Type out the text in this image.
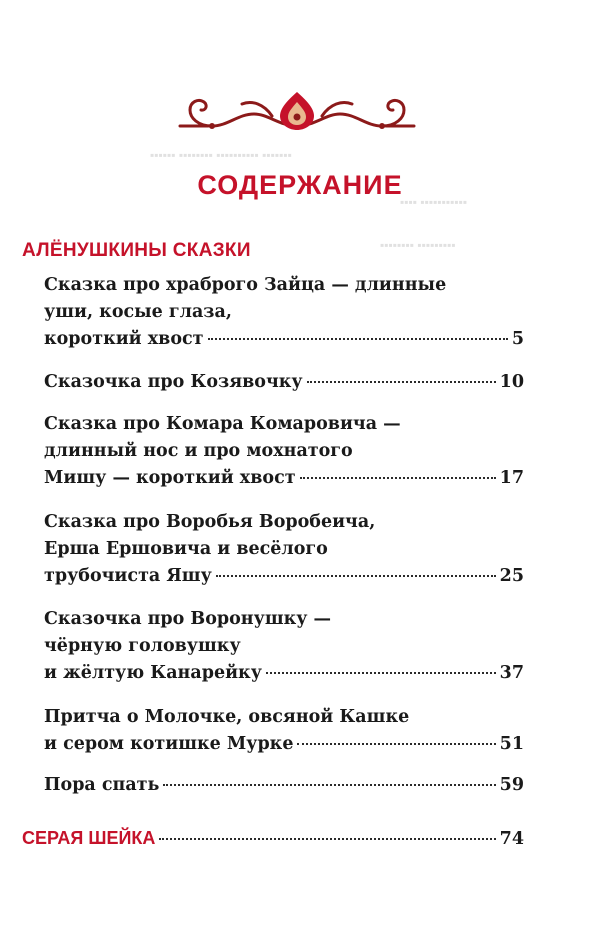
▪▪▪▪▪▪ ▪▪▪▪▪▪▪▪ ▪▪▪▪▪▪▪▪▪▪ ▪▪▪▪▪▪▪
▪▪▪▪ ▪▪▪▪▪▪▪▪▪▪▪
▪▪▪▪▪▪▪▪ ▪▪▪▪▪▪▪▪▪
СОДЕРЖАНИЕ
АЛЁНУШКИНЫ СКАЗКИ
Сказка про храброго Зайца — длинные
уши, косые глаза,
короткий хвост	5
Сказочка про Козявочку	10
Сказка про Комара Комаровича —
длинный нос и про мохнатого
Мишу — короткий хвост	17
Сказка про Воробья Воробеича,
Ерша Ершовича и весёлого
трубочиста Яшу	25
Сказочка про Воронушку —
чёрную головушку
и жёлтую Канарейку	37
Притча о Молочке, овсяной Кашке
и сером котишке Мурке	51
Пора спать	59
СЕРАЯ ШЕЙКА	74
